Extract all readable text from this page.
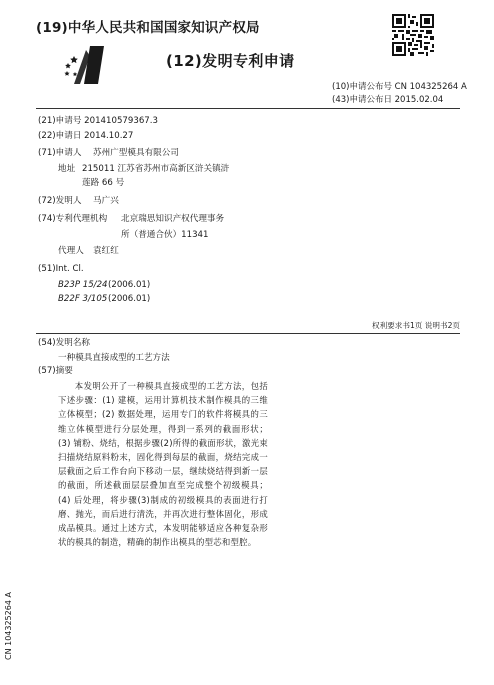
(19)中华人民共和国国家知识产权局
(12)发明专利申请
(10)申请公布号 CN 104325264 A
(43)申请公布日 2015.02.04
(21)申请号 201410579367.3
(22)申请日 2014.10.27
(71)申请人 苏州广型模具有限公司
地址 215011 江苏省苏州市高新区浒关镇浒
莲路 66 号
(72)发明人 马广兴
(74)专利代理机构 北京瑞思知识产权代理事务
所（普通合伙）11341
代理人 袁红红
(51)Int. Cl.
B23P 15/24 (2006.01)
B22F 3/105 (2006.01)
权利要求书1页 说明书2页
(54)发明名称
一种模具直接成型的工艺方法
(57)摘要

本发明公开了一种模具直接成型的工艺方法，包括下述步骤：(1) 建模，运用计算机技术制作模具的三维立体模型；(2) 数据处理，运用专门的软件将模具的三维立体模型进行分层处理，得到一系列的截面形状；(3) 铺粉、烧结，根据步骤(2)所得的截面形状，激光束扫描烧结原料粉末，固化得到每层的截面，烧结完成一层截面之后工作台向下移动一层，继续烧结得到新一层的截面，所述截面层层叠加直至完成整个初级模具；(4) 后处理，将步骤(3)制成的初级模具的表面进行打磨、抛光，而后进行清洗，并再次进行整体固化，形成成品模具。通过上述方式，本发明能够适应各种复杂形状的模具的制造，精确的制作出模具的型芯和型腔。

CN 104325264 A
